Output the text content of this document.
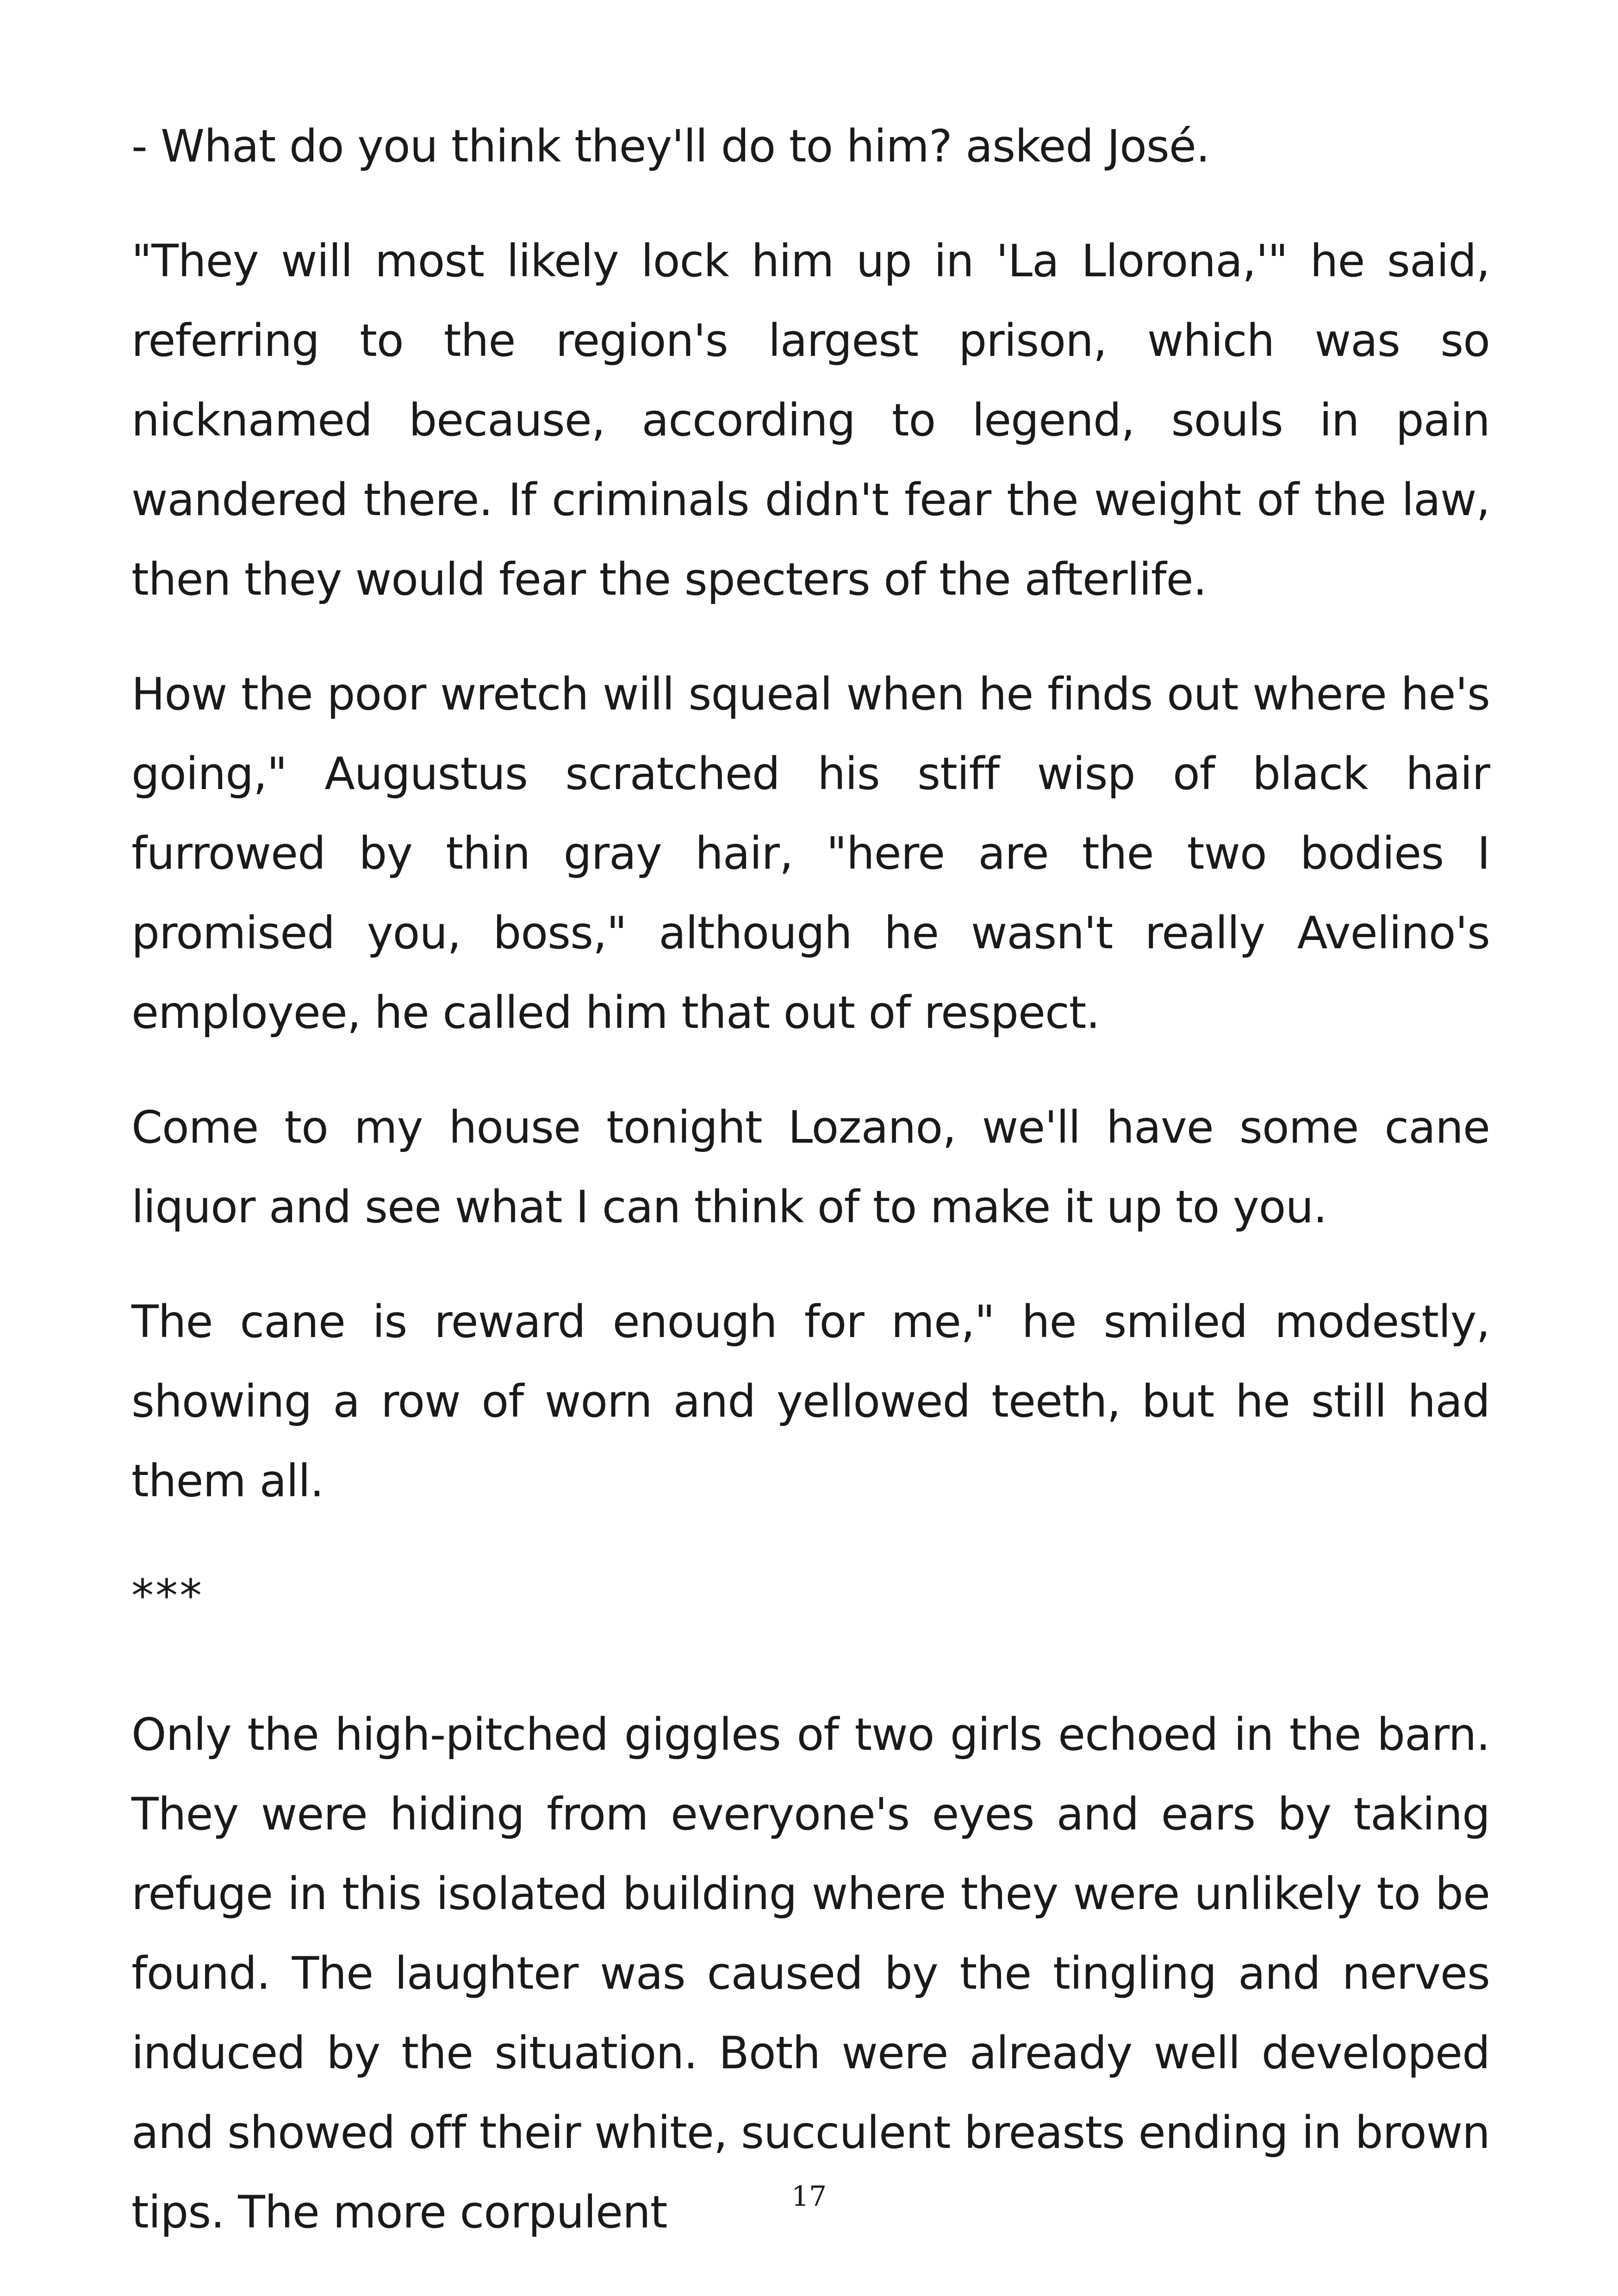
- What do you think they'll do to him? asked José.

"They will most likely lock him up in 'La Llorona,'" he said, referring to the region's largest prison, which was so nicknamed because, according to legend, souls in pain wandered there. If criminals didn't fear the weight of the law, then they would fear the specters of the afterlife.

How the poor wretch will squeal when he finds out where he's going," Augustus scratched his stiff wisp of black hair furrowed by thin gray hair, "here are the two bodies I promised you, boss," although he wasn't really Avelino's employee, he called him that out of respect.

Come to my house tonight Lozano, we'll have some cane liquor and see what I can think of to make it up to you.

The cane is reward enough for me," he smiled modestly, showing a row of worn and yellowed teeth, but he still had them all.

***

Only the high-pitched giggles of two girls echoed in the barn. They were hiding from everyone's eyes and ears by taking refuge in this isolated building where they were unlikely to be found. The laughter was caused by the tingling and nerves induced by the situation. Both were already well developed and showed off their white, succulent breasts ending in brown tips. The more corpulent	17
